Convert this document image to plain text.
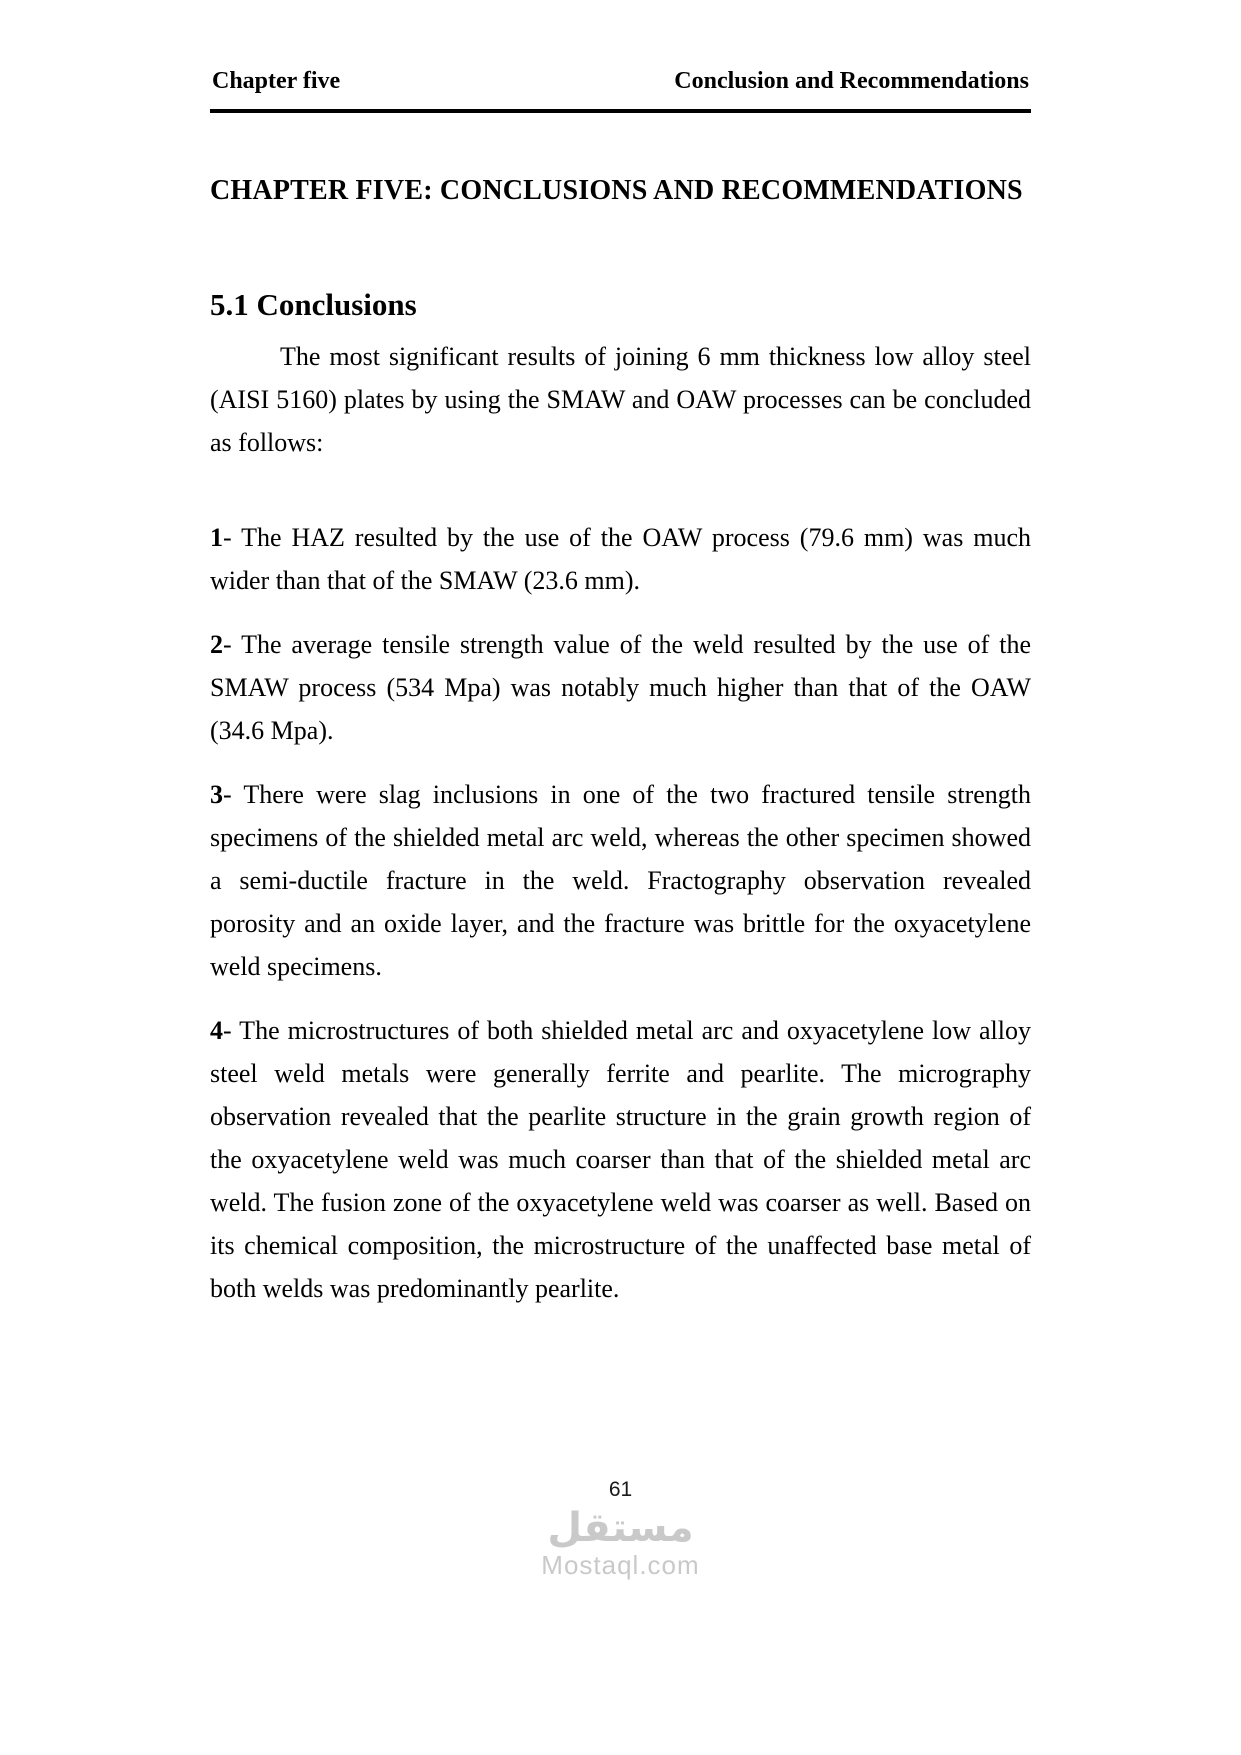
Chapter five	Conclusion and Recommendations
CHAPTER FIVE: CONCLUSIONS AND RECOMMENDATIONS
5.1 Conclusions

The most significant results of joining 6 mm thickness low alloy steel (AISI 5160) plates by using the SMAW and OAW processes can be concluded as follows:

1- The HAZ resulted by the use of the OAW process (79.6 mm) was much wider than that of the SMAW (23.6 mm).

2- The average tensile strength value of the weld resulted by the use of the SMAW process (534 Mpa) was notably much higher than that of the OAW (34.6 Mpa).

3- There were slag inclusions in one of the two fractured tensile strength specimens of the shielded metal arc weld, whereas the other specimen showed a semi-ductile fracture in the weld. Fractography observation revealed porosity and an oxide layer, and the fracture was brittle for the oxyacetylene weld specimens.

4- The microstructures of both shielded metal arc and oxyacetylene low alloy steel weld metals were generally ferrite and pearlite. The micrography observation revealed that the pearlite structure in the grain growth region of the oxyacetylene weld was much coarser than that of the shielded metal arc weld. The fusion zone of the oxyacetylene weld was coarser as well. Based on its chemical composition, the microstructure of the unaffected base metal of both welds was predominantly pearlite.

61
مستقل
Mostaql.com
